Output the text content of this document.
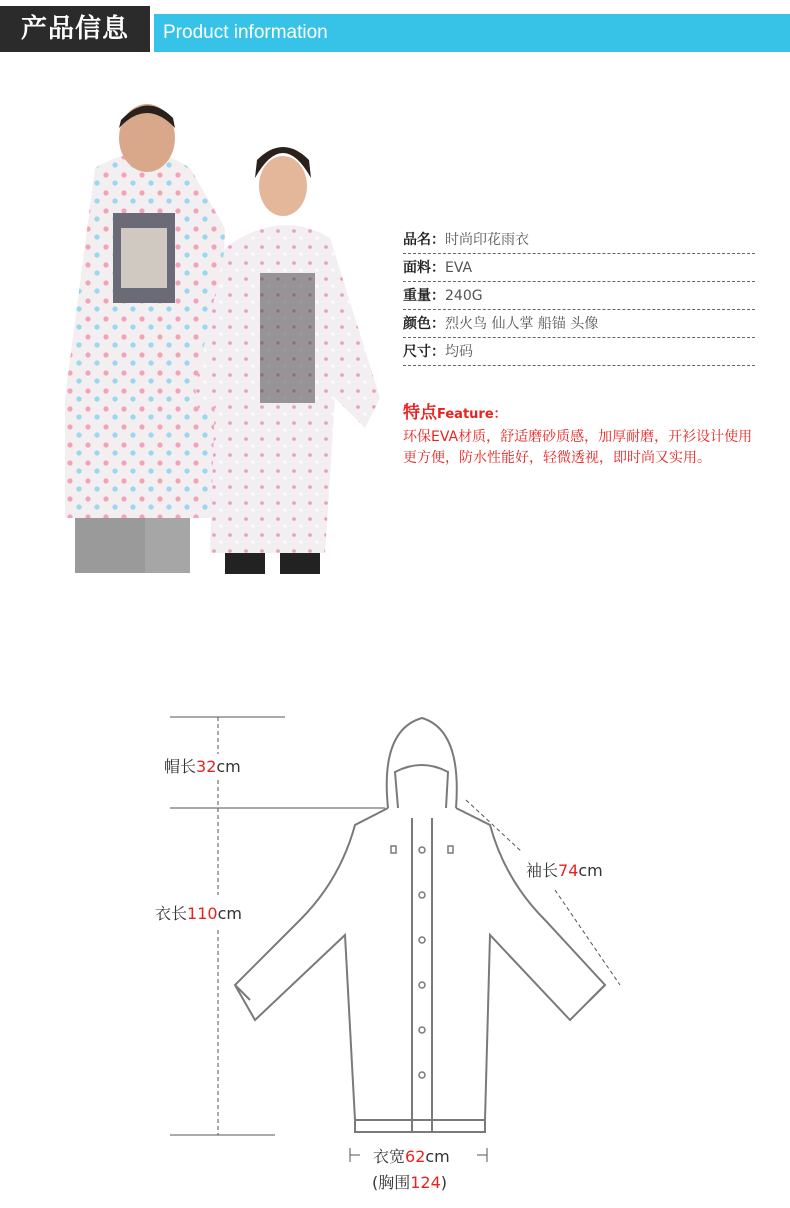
产品信息	Product information
品名：时尚印花雨衣
面料：EVA
重量：240G
颜色：烈火鸟 仙人掌 船锚 头像
尺寸：均码
特点Feature：
环保EVA材质，舒适磨砂质感，加厚耐磨，开衫设计使用更方便，防水性能好，轻微透视，即时尚又实用。
帽长32cm
衣长110cm
袖长74cm
衣宽62cm
(胸围124)
